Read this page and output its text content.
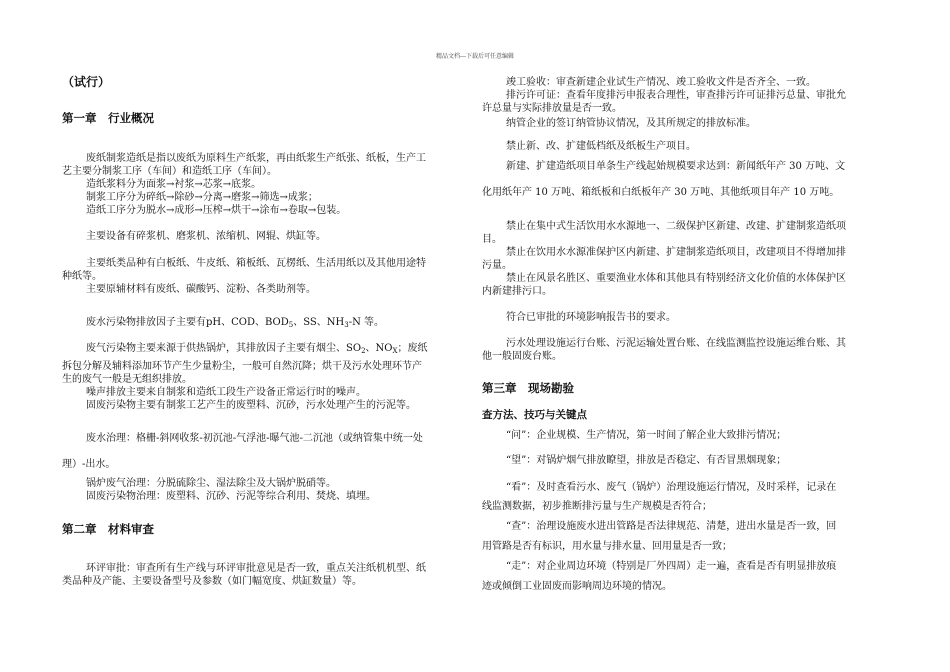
精品文档---下载后可任意编辑
（试行）
第一章　行业概况
废纸制浆造纸是指以废纸为原料生产纸浆，再由纸浆生产纸张、纸板，生产工
艺主要分制浆工序（车间）和造纸工序（车间）。
造纸浆料分为面浆→衬浆→芯浆→底浆。
制浆工序分为碎纸→除砂→分离→磨浆→筛选→成浆；
造纸工序分为脱水→成形→压榨→烘干→涂布→卷取→包装。
主要设备有碎浆机、磨浆机、浓缩机、网辊、烘缸等。
主要纸类品种有白板纸、牛皮纸、箱板纸、瓦楞纸、生活用纸以及其他用途特
种纸等。
主要原辅材料有废纸、碳酸钙、淀粉、各类助剂等。
废水污染物排放因子主要有pH、COD、$BOD_5$、SS、$NH_3-N$ 等。
废气污染物主要来源于供热锅炉，其排放因子主要有烟尘、$SO_2$、$NO_X$；废纸
拆包分解及辅料添加环节产生少量粉尘，一般可自然沉降；烘干及污水处理环节产
生的废气一般是无组织排放。
噪声排放主要来自制浆和造纸工段生产设备正常运行时的噪声。
固废污染物主要有制浆工艺产生的废塑料、沉砂，污水处理产生的污泥等。
废水治理：格栅-斜网收浆-初沉池-气浮池-曝气池-二沉池（或纳管集中统一处
理）-出水。
锅炉废气治理：分脱硫除尘、湿法除尘及大锅炉脱硝等。
固废污染物治理：废塑料、沉砂、污泥等综合利用、焚烧、填埋。
第二章　材料审查
环评审批：审查所有生产线与环评审批意见是否一致，重点关注纸机机型、纸
类品种及产能、主要设备型号及参数（如门幅宽度、烘缸数量）等。
竣工验收：审查新建企业试生产情况、竣工验收文件是否齐全、一致。
排污许可证：查看年度排污申报表合理性，审查排污许可证排污总量、审批允
许总量与实际排放量是否一致。
纳管企业的签订纳管协议情况，及其所规定的排放标准。
禁止新、改、扩建低档纸及纸板生产项目。
新建、扩建造纸项目单条生产线起始规模要求达到：新闻纸年产 30 万吨、文
化用纸年产 10 万吨、箱纸板和白纸板年产 30 万吨、其他纸项目年产 10 万吨。
禁止在集中式生活饮用水水源地一、二级保护区新建、改建、扩建制浆造纸项
目。
禁止在饮用水水源准保护区内新建、扩建制浆造纸项目，改建项目不得增加排
污量。
禁止在风景名胜区、重要渔业水体和其他具有特别经济文化价值的水体保护区
内新建排污口。
符合已审批的环境影响报告书的要求。
污水处理设施运行台账、污泥运输处置台账、在线监测监控设施运维台账、其
他一般固废台账。
第三章　现场勘验
查方法、技巧与关键点
“问”：企业规模、生产情况，第一时间了解企业大致排污情况；
“望”：对锅炉烟气排放瞭望，排放是否稳定、有否冒黑烟现象；
“看”：及时查看污水、废气（锅炉）治理设施运行情况，及时采样，记录在
线监测数据，初步推断排污量与生产规模是否符合；
“查”：治理设施废水进出管路是否法律规范、清楚，进出水量是否一致，回
用管路是否有标识，用水量与排水量、回用量是否一致；
“走”：对企业周边环境（特别是厂外四周）走一遍，查看是否有明显排放痕
迹或倾倒工业固废而影响周边环境的情况。
